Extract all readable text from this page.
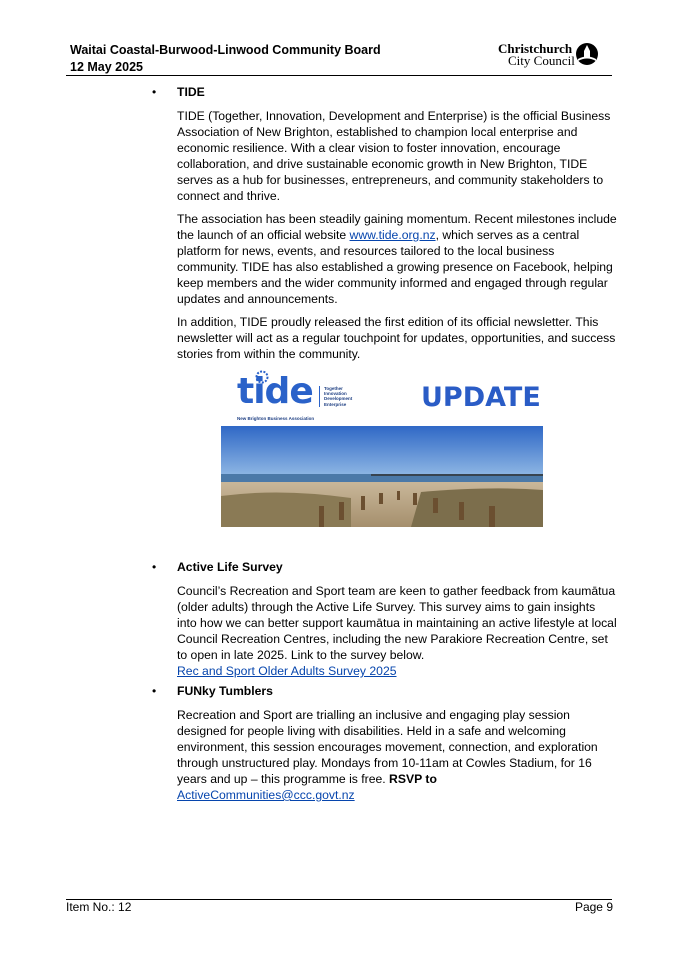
Waitai Coastal-Burwood-Linwood Community Board
12 May 2025
Christchurch
City Council
• TIDE

TIDE (Together, Innovation, Development and Enterprise) is the official Business Association of New Brighton, established to champion local enterprise and economic resilience. With a clear vision to foster innovation, encourage collaboration, and drive sustainable economic growth in New Brighton, TIDE serves as a hub for businesses, entrepreneurs, and community stakeholders to connect and thrive.

The association has been steadily gaining momentum. Recent milestones include the launch of an official website www.tide.org.nz, which serves as a central platform for news, events, and resources tailored to the local business community. TIDE has also established a growing presence on Facebook, helping keep members and the wider community informed and engaged through regular updates and announcements.

In addition, TIDE proudly released the first edition of its official newsletter. This newsletter will act as a regular touchpoint for updates, opportunities, and success stories from within the community.

tide	Together
Innovation
Development
Enterprise
New Brighton Business Association
UPDATE
• Active Life Survey
Council’s Recreation and Sport team are keen to gather feedback from kaumātua (older adults) through the Active Life Survey. This survey aims to gain insights into how we can better support kaumātua in maintaining an active lifestyle at local Council Recreation Centres, including the new Parakiore Recreation Centre, set to open in late 2025. Link to the survey below.
Rec and Sport Older Adults Survey 2025
• FUNky Tumblers
Recreation and Sport are trialling an inclusive and engaging play session designed for people living with disabilities. Held in a safe and welcoming environment, this session encourages movement, connection, and exploration through unstructured play. Mondays from 10-11am at Cowles Stadium, for 16 years and up – this programme is free. RSVP to ActiveCommunities@ccc.govt.nz
Item No.: 12	Page 9
